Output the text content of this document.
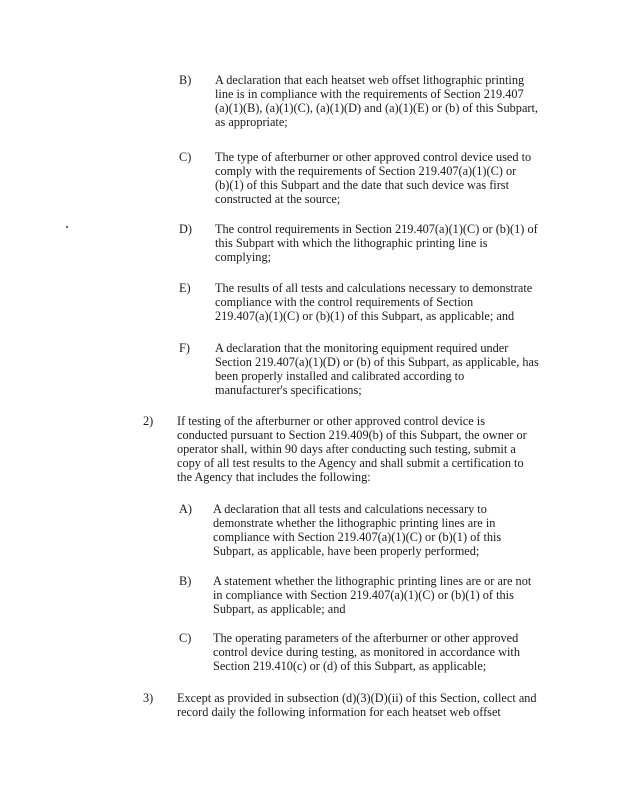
B) A declaration that each heatset web offset lithographic printing
line is in compliance with the requirements of Section 219.407
(a)(1)(B), (a)(1)(C), (a)(1)(D) and (a)(1)(E) or (b) of this Subpart,
as appropriate;
C) The type of afterburner or other approved control device used to
comply with the requirements of Section 219.407(a)(1)(C) or
(b)(1) of this Subpart and the date that such device was first
constructed at the source;
D) The control requirements in Section 219.407(a)(1)(C) or (b)(1) of
this Subpart with which the lithographic printing line is
complying;
E) The results of all tests and calculations necessary to demonstrate
compliance with the control requirements of Section
219.407(a)(1)(C) or (b)(1) of this Subpart, as applicable; and
F) A declaration that the monitoring equipment required under
Section 219.407(a)(1)(D) or (b) of this Subpart, as applicable, has
been properly installed and calibrated according to
manufacturer's specifications;
2) If testing of the afterburner or other approved control device is
conducted pursuant to Section 219.409(b) of this Subpart, the owner or
operator shall, within 90 days after conducting such testing, submit a
copy of all test results to the Agency and shall submit a certification to
the Agency that includes the following:
A) A declaration that all tests and calculations necessary to
demonstrate whether the lithographic printing lines are in
compliance with Section 219.407(a)(1)(C) or (b)(1) of this
Subpart, as applicable, have been properly performed;
B) A statement whether the lithographic printing lines are or are not
in compliance with Section 219.407(a)(1)(C) or (b)(1) of this
Subpart, as applicable; and
C) The operating parameters of the afterburner or other approved
control device during testing, as monitored in accordance with
Section 219.410(c) or (d) of this Subpart, as applicable;
3) Except as provided in subsection (d)(3)(D)(ii) of this Section, collect and
record daily the following information for each heatset web offset
